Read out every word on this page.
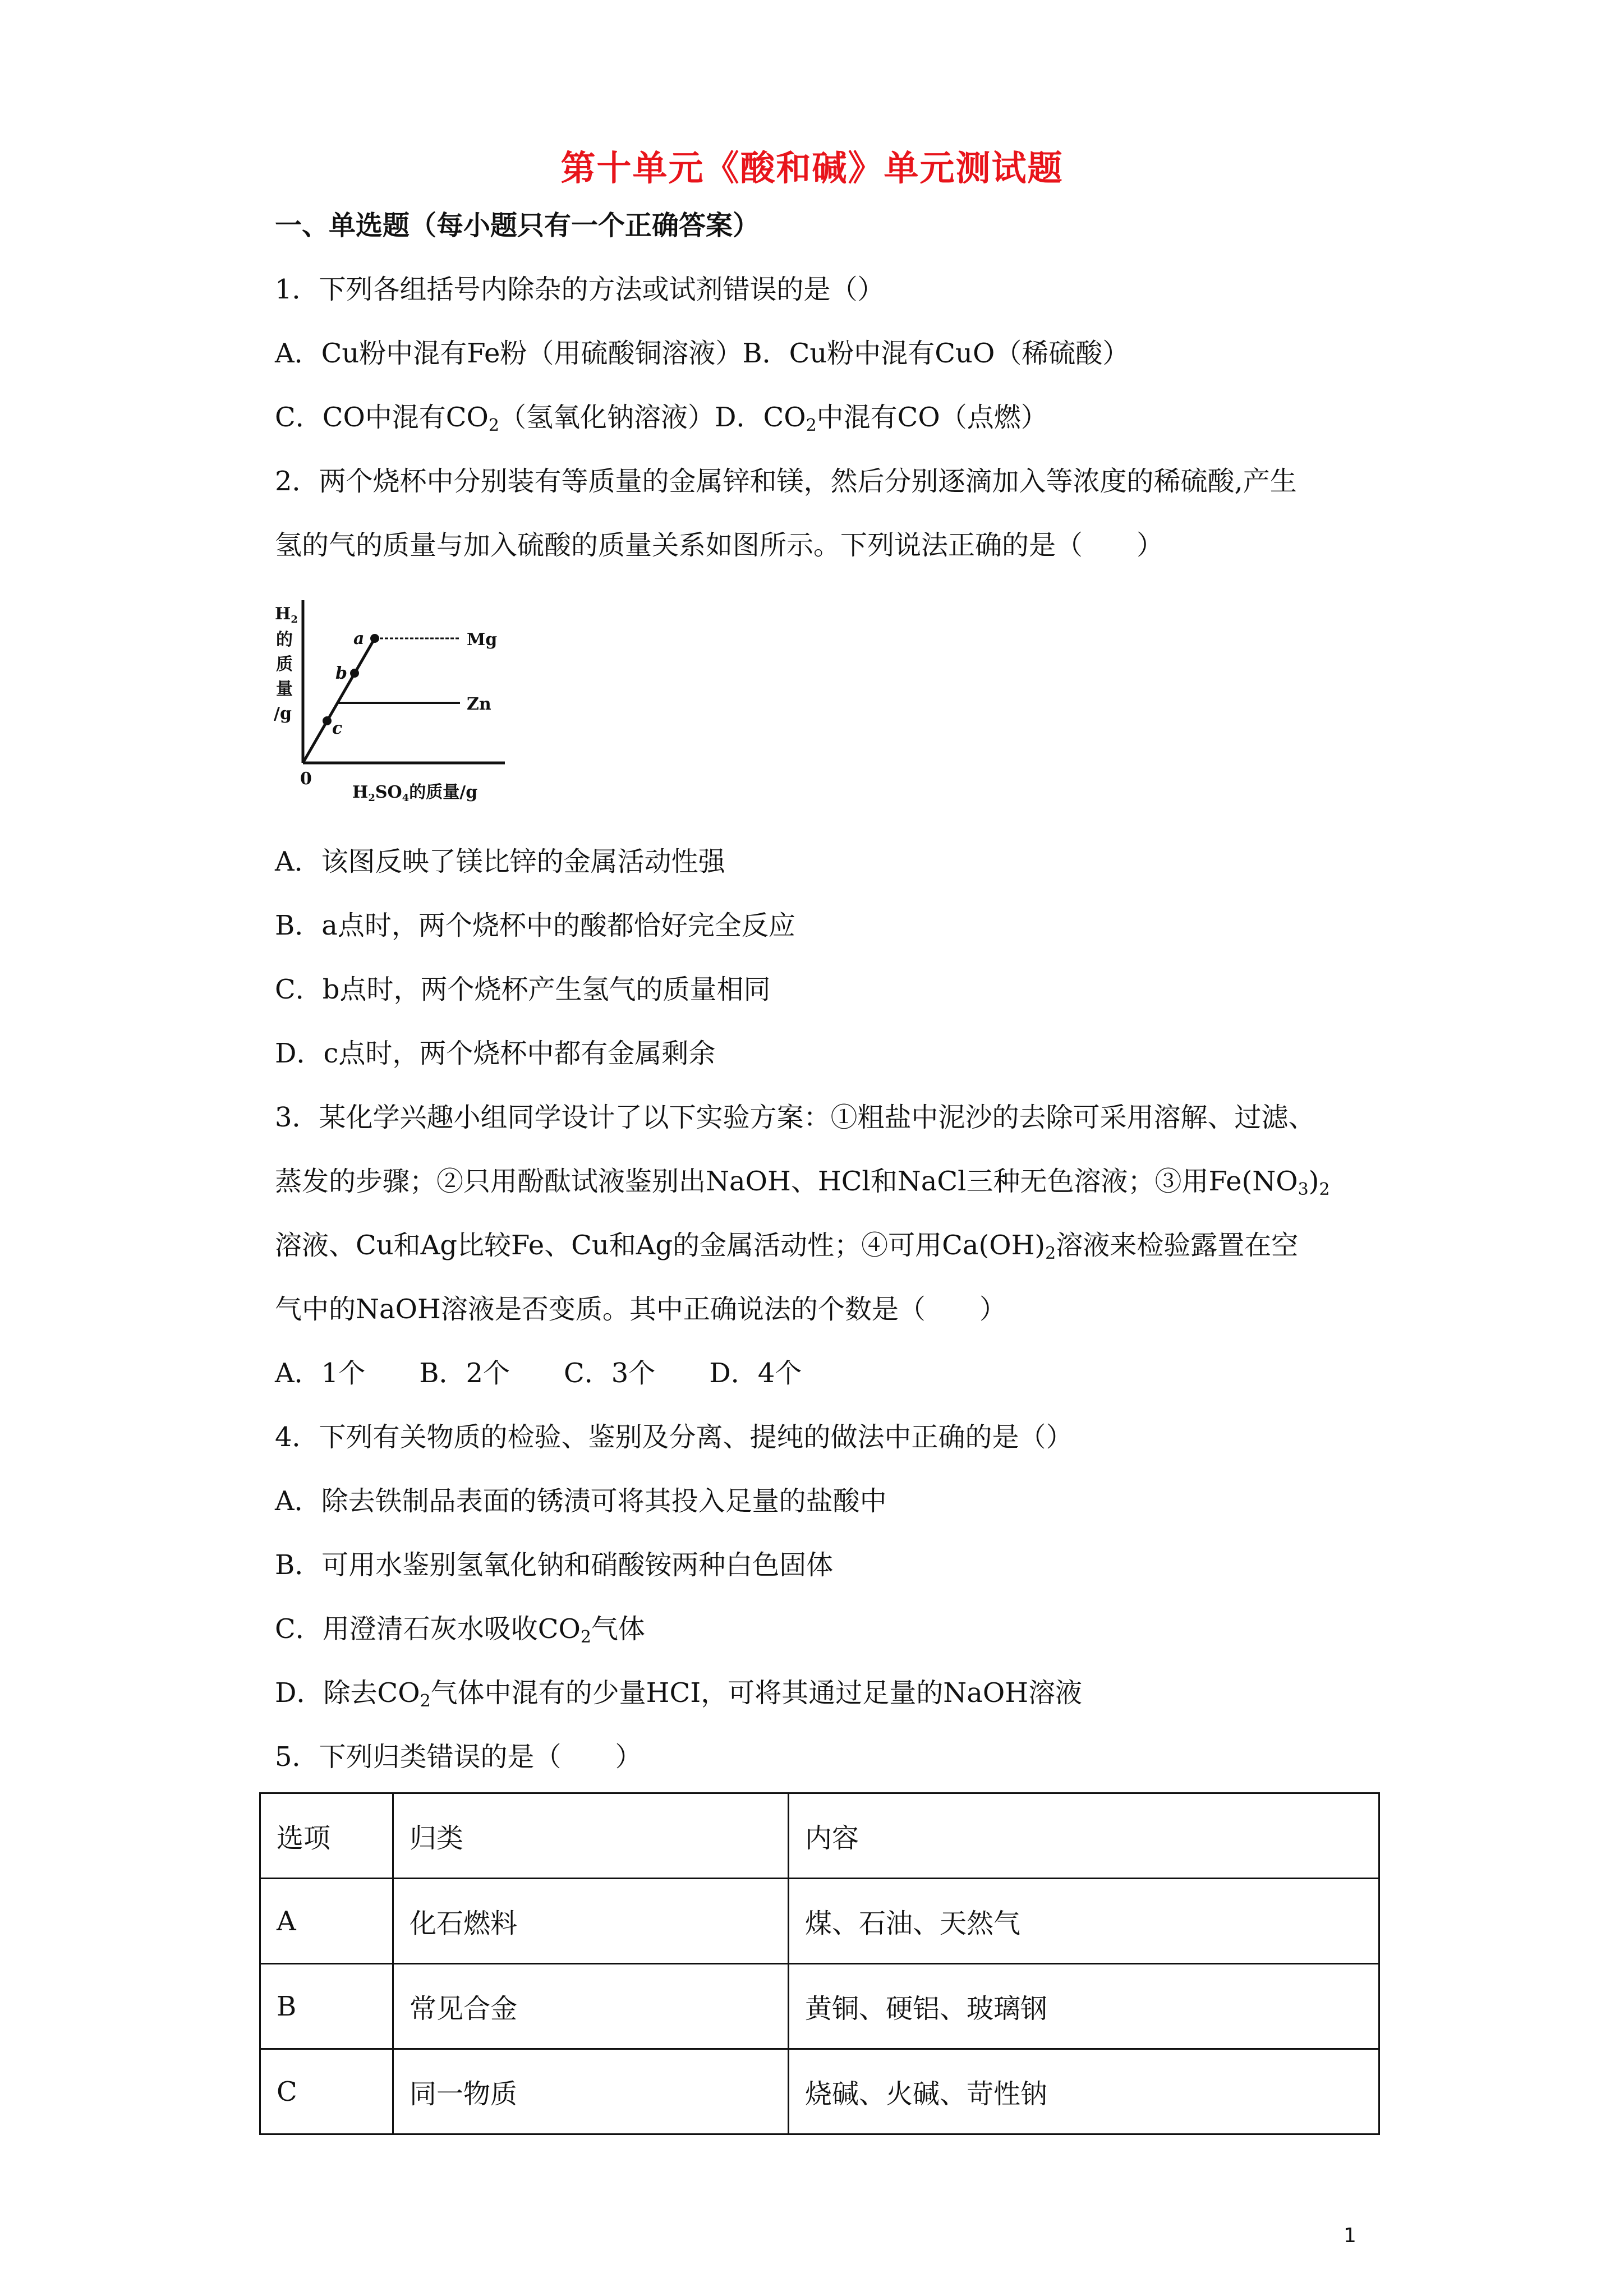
第十单元《酸和碱》单元测试题
一、单选题（每小题只有一个正确答案）
1．下列各组括号内除杂的方法或试剂错误的是（）
A．Cu粉中混有Fe粉（用硫酸铜溶液）B．Cu粉中混有CuO（稀硫酸）
C．CO中混有$CO_2$（氢氧化钠溶液）D．$CO_2$中混有CO（点燃）
2．两个烧杯中分别装有等质量的金属锌和镁，然后分别逐滴加入等浓度的稀硫酸,产生
氢的气的质量与加入硫酸的质量关系如图所示。下列说法正确的是（　　）
$H_2$
的
质
量
/g
0
$H_2SO_4$的质量/g
a
b
c
Mg
Zn
A．该图反映了镁比锌的金属活动性强
B．a点时，两个烧杯中的酸都恰好完全反应
C．b点时，两个烧杯产生氢气的质量相同
D．c点时，两个烧杯中都有金属剩余
3．某化学兴趣小组同学设计了以下实验方案：①粗盐中泥沙的去除可采用溶解、过滤、
蒸发的步骤；②只用酚酞试液鉴别出NaOH、HCl和NaCl三种无色溶液；③用$Fe(NO_3)_2$
溶液、Cu和Ag比较Fe、Cu和Ag的金属活动性；④可用$Ca(OH)_2$溶液来检验露置在空
气中的NaOH溶液是否变质。其中正确说法的个数是（　　）
A．1个　　B．2个　　C．3个　　D．4个
4．下列有关物质的检验、鉴别及分离、提纯的做法中正确的是（）
A．除去铁制品表面的锈渍可将其投入足量的盐酸中
B．可用水鉴别氢氧化钠和硝酸铵两种白色固体
C．用澄清石灰水吸收$CO_2$气体
D．除去$CO_2$气体中混有的少量HCI，可将其通过足量的NaOH溶液
5．下列归类错误的是（　　）
选项	归类	内容
A	化石燃料	煤、石油、天然气
B	常见合金	黄铜、硬铝、玻璃钢
C	同一物质	烧碱、火碱、苛性钠
1
